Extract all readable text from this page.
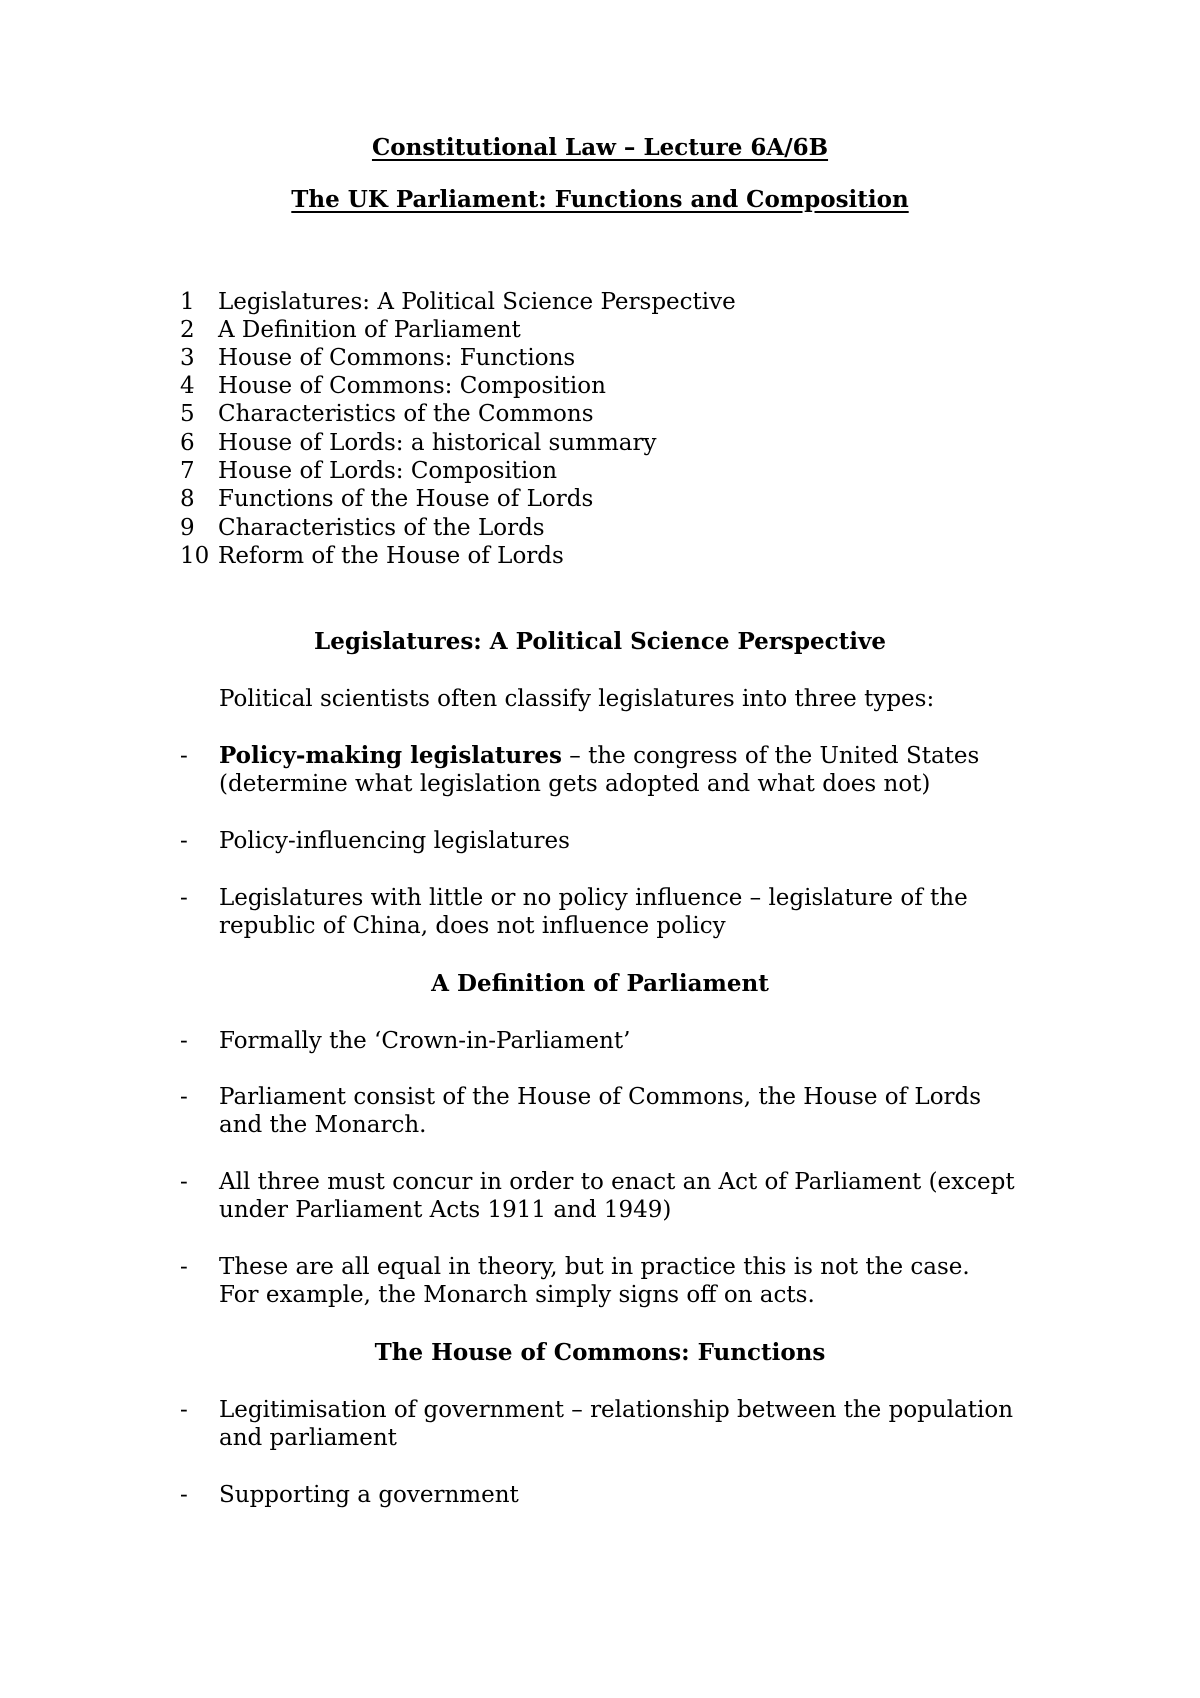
Constitutional Law – Lecture 6A/6B
The UK Parliament: Functions and Composition
1 Legislatures: A Political Science Perspective
2 A Definition of Parliament
3 House of Commons: Functions
4 House of Commons: Composition
5 Characteristics of the Commons
6 House of Lords: a historical summary
7 House of Lords: Composition
8 Functions of the House of Lords
9 Characteristics of the Lords
10 Reform of the House of Lords
Legislatures: A Political Science Perspective
Political scientists often classify legislatures into three types:
- Policy-making legislatures – the congress of the United States
(determine what legislation gets adopted and what does not)
- Policy-influencing legislatures
- Legislatures with little or no policy influence – legislature of the
republic of China, does not influence policy
A Definition of Parliament
- Formally the ‘Crown-in-Parliament’
- Parliament consist of the House of Commons, the House of Lords
and the Monarch.
- All three must concur in order to enact an Act of Parliament (except
under Parliament Acts 1911 and 1949)
- These are all equal in theory, but in practice this is not the case.
For example, the Monarch simply signs off on acts.
The House of Commons: Functions
- Legitimisation of government – relationship between the population
and parliament
- Supporting a government
